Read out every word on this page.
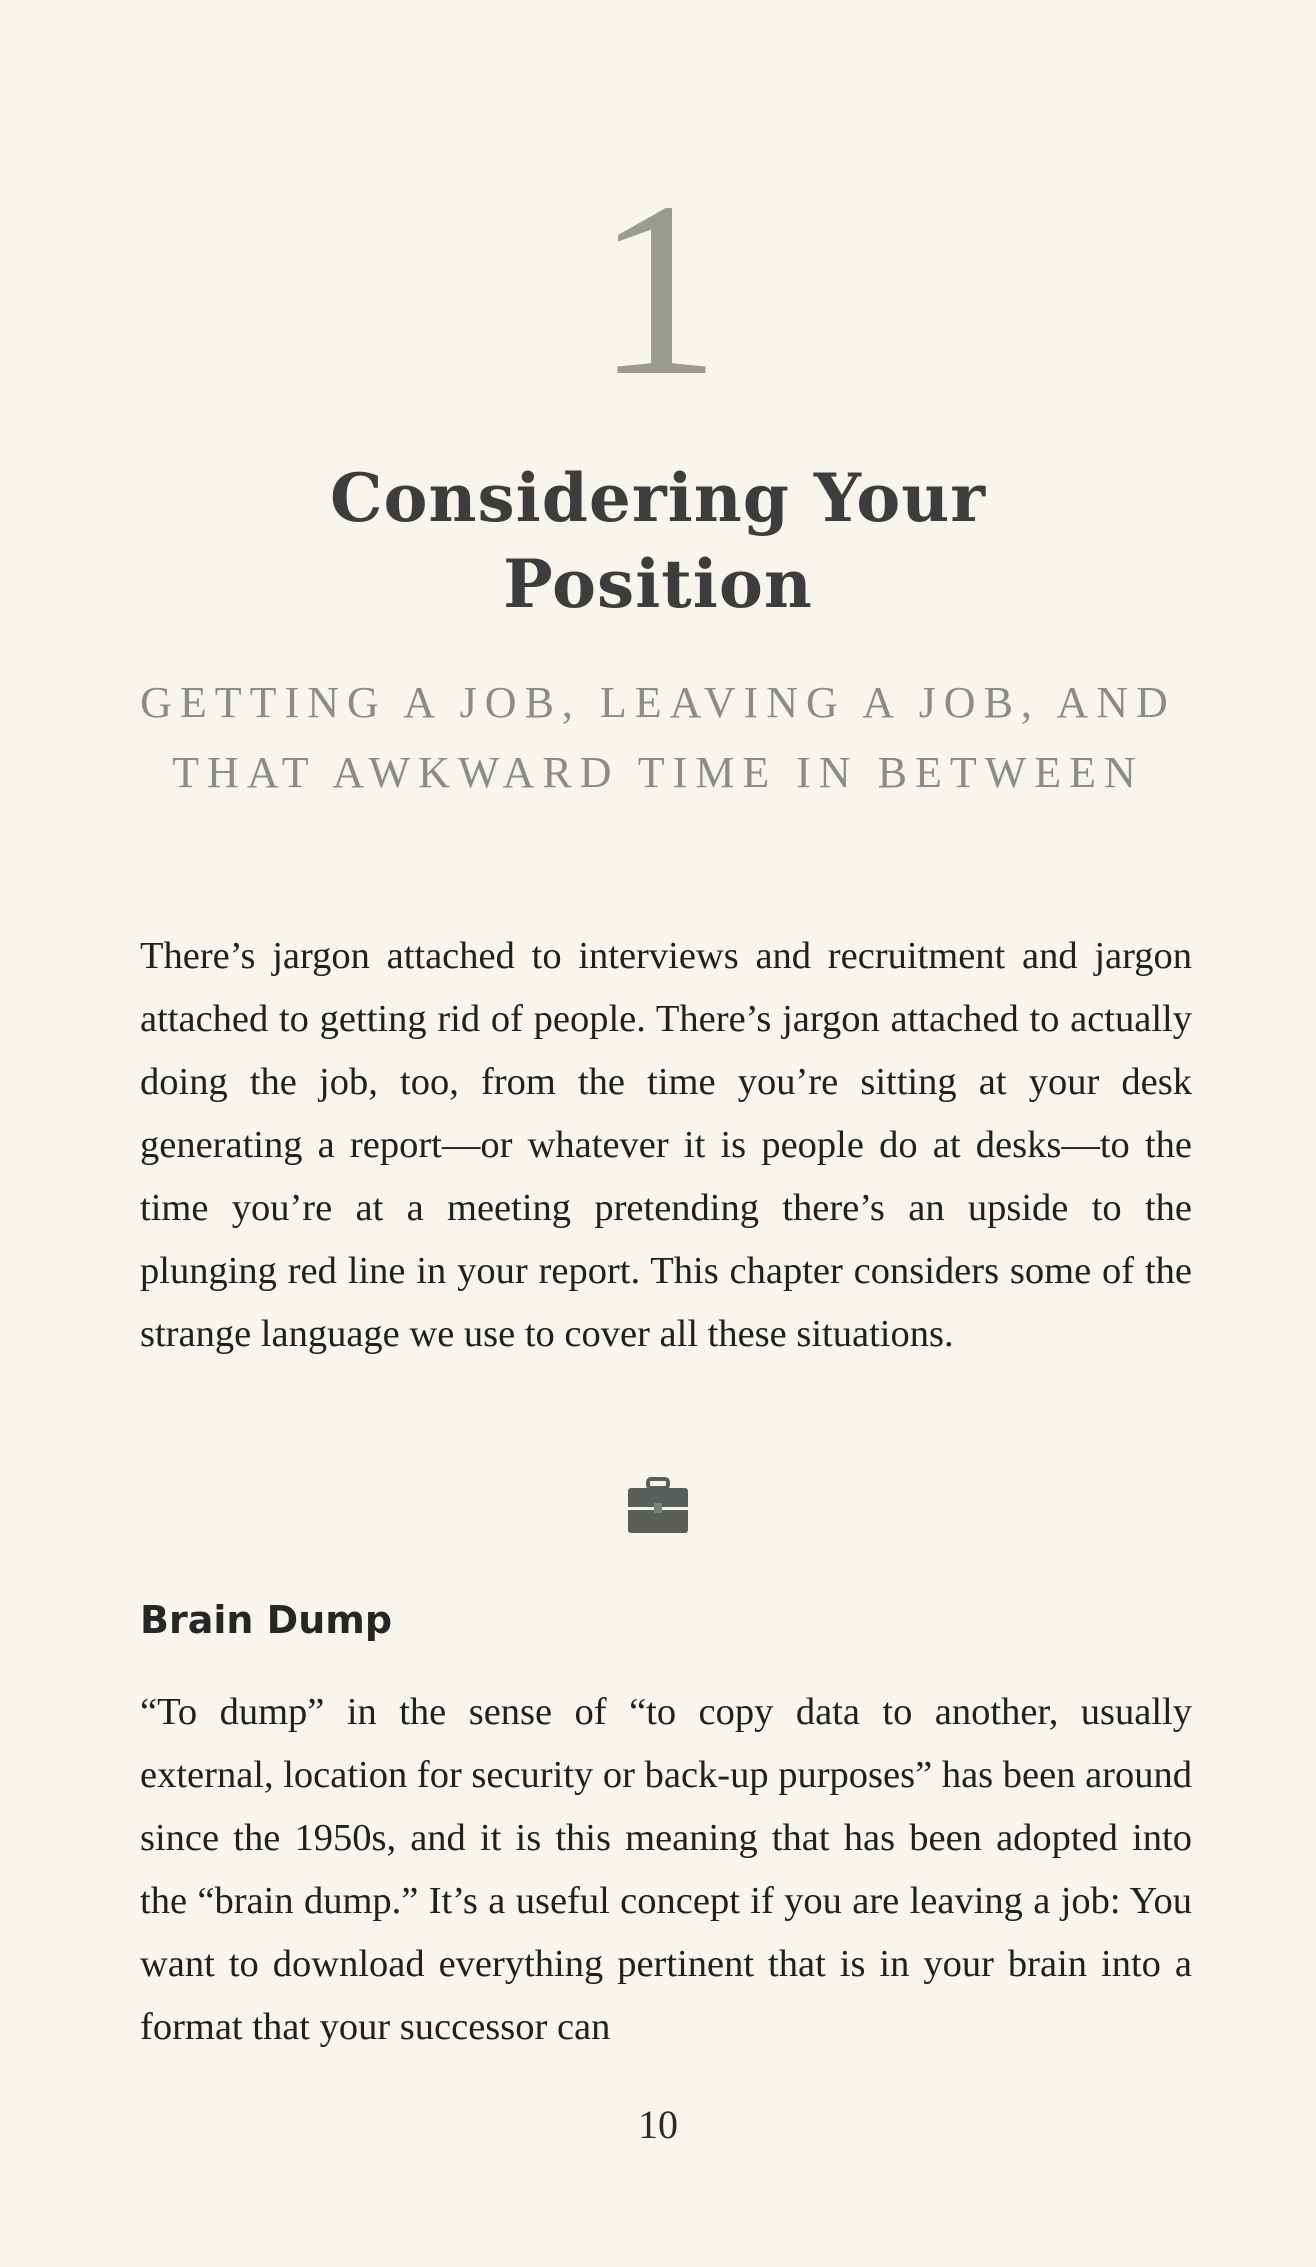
1
Considering Your
Position
GETTING A JOB, LEAVING A JOB, AND
THAT AWKWARD TIME IN BETWEEN

There’s jargon attached to interviews and recruitment and jargon attached to getting rid of people. There’s jargon attached to actually doing the job, too, from the time you’re sitting at your desk generating a report—or whatever it is people do at desks—to the time you’re at a meeting pretending there’s an upside to the plunging red line in your report. This chapter considers some of the strange language we use to cover all these situations.

Brain Dump

“To dump” in the sense of “to copy data to another, usually external, location for security or back-up purposes” has been around since the 1950s, and it is this meaning that has been adopted into the “brain dump.” It’s a useful concept if you are leaving a job: You want to download everything pertinent that is in your brain into a format that your successor can

10
